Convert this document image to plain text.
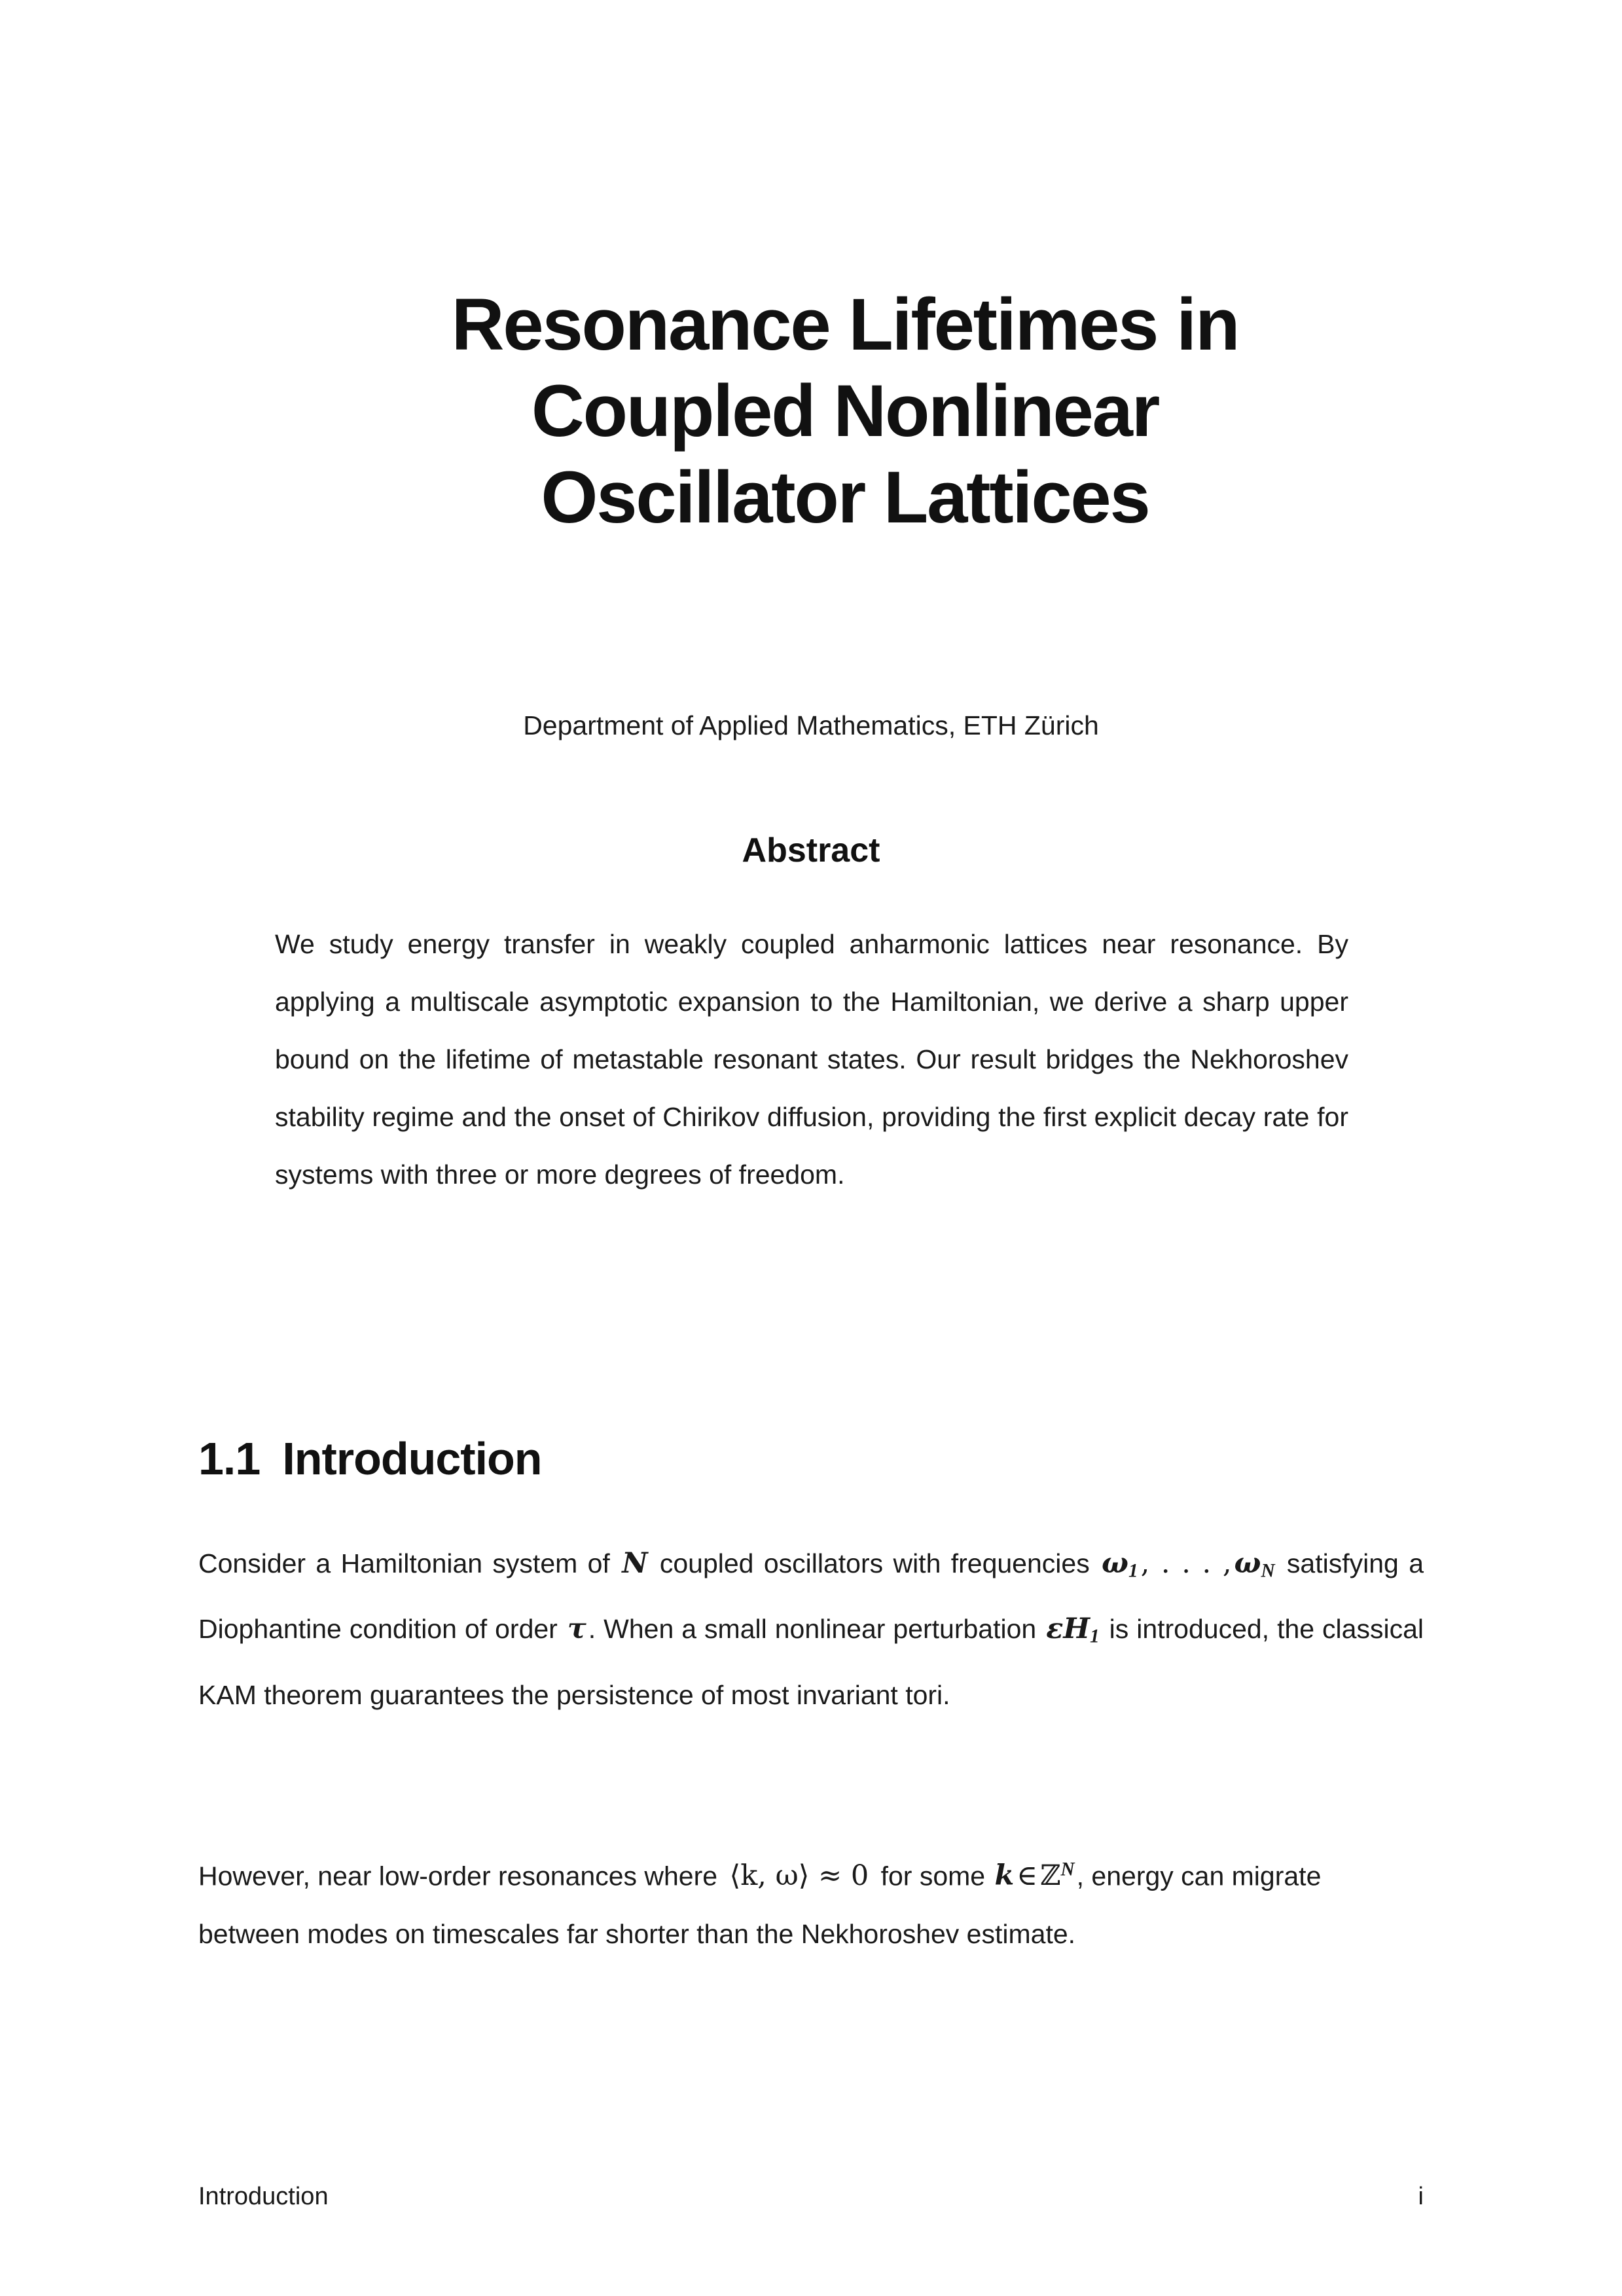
Resonance Lifetimes in
Coupled Nonlinear
Oscillator Lattices
Department of Applied Mathematics, ETH Zürich
Abstract

We study energy transfer in weakly coupled anharmonic lattices near resonance. By applying a multiscale asymptotic expansion to the Hamiltonian, we derive a sharp upper bound on the lifetime of metastable resonant states. Our result bridges the Nekhoroshev stability regime and the onset of Chirikov diffusion, providing the first explicit decay rate for systems with three or more degrees of freedom.

1.1 Introduction

Consider a Hamiltonian system of N coupled oscillators with frequencies $\omega_1$, . . . $,\omega_N$ satisfying a Diophantine condition of order τ. When a small nonlinear perturbation $\varepsilon H_1$ is introduced, the classical KAM theorem guarantees the persistence of most invariant tori.

However, near low-order resonances where ⟨k, ω⟩ ≈ 0 for some k∈ℤ$^N$, energy can migrate between modes on timescales far shorter than the Nekhoroshev estimate.

Introduction	i
